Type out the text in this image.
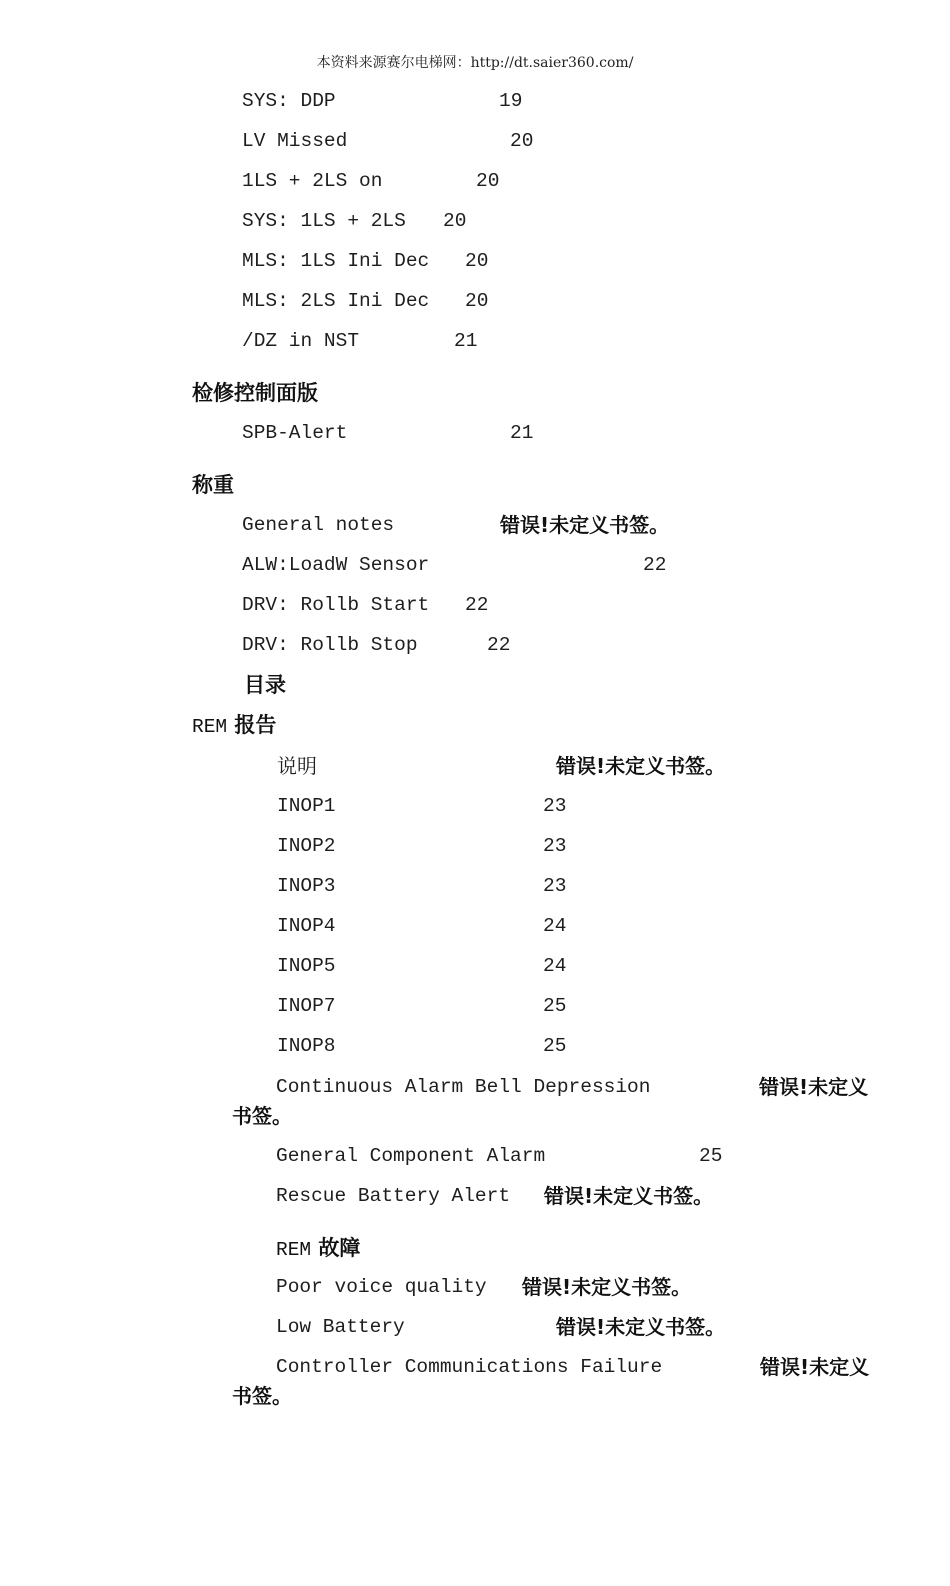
本资料来源赛尔电梯网：http://dt.saier360.com/
SYS: DDP	19
LV Missed	20
1LS + 2LS on	20
SYS: 1LS + 2LS 20
MLS: 1LS Ini Dec 20
MLS: 2LS Ini Dec 20
/DZ in NST	21
检修控制面版
SPB-Alert	21
称重
General notes	错误!未定义书签。
ALW:LoadW Sensor	22
DRV: Rollb Start 22
DRV: Rollb Stop	22
目录
REM 报告
说明	错误!未定义书签。
INOP1	23
INOP2	23
INOP3	23
INOP4	24
INOP5	24
INOP7	25
INOP8	25
Continuous Alarm Bell Depression	错误!未定义
书签。
General Component Alarm	25
Rescue Battery Alert 错误!未定义书签。
REM 故障
Poor voice quality 错误!未定义书签。
Low Battery	错误!未定义书签。
Controller Communications Failure	错误!未定义
书签。
